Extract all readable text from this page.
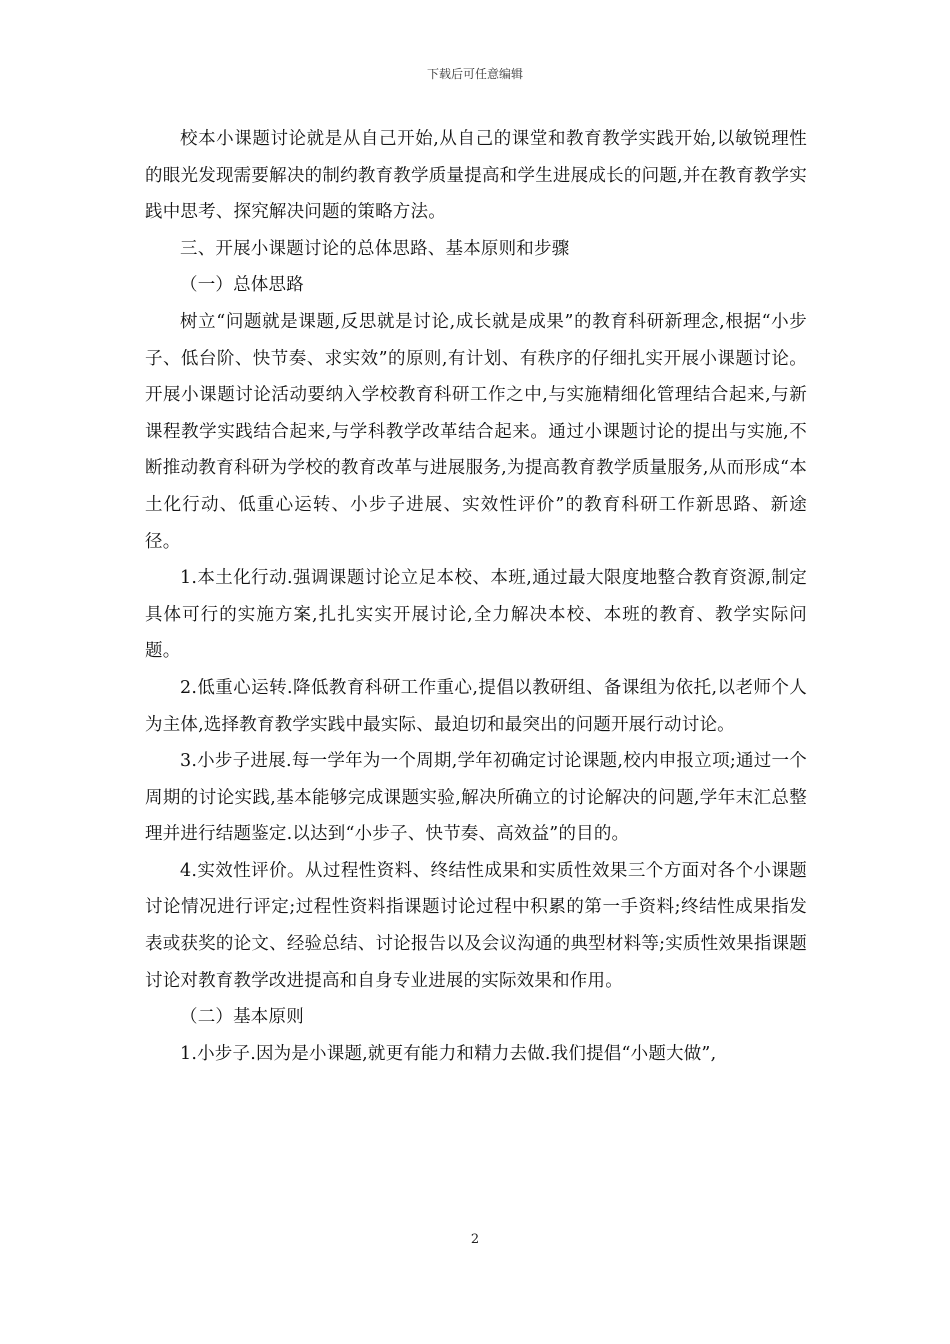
下载后可任意编辑

校本小课题讨论就是从自己开始,从自己的课堂和教育教学实践开始,以敏锐理性的眼光发现需要解决的制约教育教学质量提高和学生进展成长的问题,并在教育教学实践中思考、探究解决问题的策略方法。

三、开展小课题讨论的总体思路、基本原则和步骤

（一）总体思路

树立“问题就是课题,反思就是讨论,成长就是成果”的教育科研新理念,根据“小步子、低台阶、快节奏、求实效”的原则,有计划、有秩序的仔细扎实开展小课题讨论。开展小课题讨论活动要纳入学校教育科研工作之中,与实施精细化管理结合起来,与新课程教学实践结合起来,与学科教学改革结合起来。通过小课题讨论的提出与实施,不断推动教育科研为学校的教育改革与进展服务,为提高教育教学质量服务,从而形成“本土化行动、低重心运转、小步子进展、实效性评价”的教育科研工作新思路、新途径。

1.本土化行动.强调课题讨论立足本校、本班,通过最大限度地整合教育资源,制定具体可行的实施方案,扎扎实实开展讨论,全力解决本校、本班的教育、教学实际问题。

2.低重心运转.降低教育科研工作重心,提倡以教研组、备课组为依托,以老师个人为主体,选择教育教学实践中最实际、最迫切和最突出的问题开展行动讨论。

3.小步子进展.每一学年为一个周期,学年初确定讨论课题,校内申报立项;通过一个周期的讨论实践,基本能够完成课题实验,解决所确立的讨论解决的问题,学年末汇总整理并进行结题鉴定.以达到“小步子、快节奏、高效益”的目的。

4.实效性评价。从过程性资料、终结性成果和实质性效果三个方面对各个小课题讨论情况进行评定;过程性资料指课题讨论过程中积累的第一手资料;终结性成果指发表或获奖的论文、经验总结、讨论报告以及会议沟通的典型材料等;实质性效果指课题讨论对教育教学改进提高和自身专业进展的实际效果和作用。

（二）基本原则

1.小步子.因为是小课题,就更有能力和精力去做.我们提倡“小题大做”,

2
